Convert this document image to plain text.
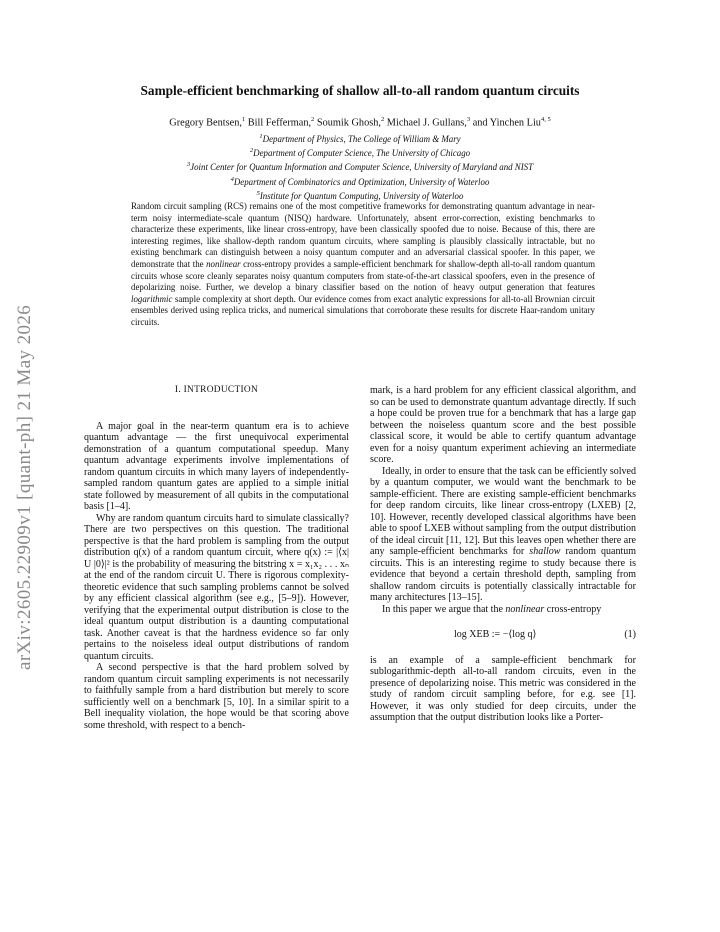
arXiv:2605.22909v1 [quant-ph] 21 May 2026
Sample-efficient benchmarking of shallow all-to-all random quantum circuits
Gregory Bentsen,$^1$ Bill Fefferman,$^2$ Soumik Ghosh,$^2$ Michael J. Gullans,$^3$ and Yinchen Liu$^{4, 5}$
$^1$Department of Physics, The College of William & Mary
$^2$Department of Computer Science, The University of Chicago
$^3$Joint Center for Quantum Information and Computer Science, University of Maryland and NIST
$^4$Department of Combinatorics and Optimization, University of Waterloo
$^5$Institute for Quantum Computing, University of Waterloo
Random circuit sampling (RCS) remains one of the most competitive frameworks for demonstrating quantum advantage in near-term noisy intermediate-scale quantum (NISQ) hardware. Unfortunately, absent error-correction, existing benchmarks to characterize these experiments, like linear cross-entropy, have been classically spoofed due to noise. Because of this, there are interesting regimes, like shallow-depth random quantum circuits, where sampling is plausibly classically intractable, but no existing benchmark can distinguish between a noisy quantum computer and an adversarial classical spoofer. In this paper, we demonstrate that the nonlinear cross-entropy provides a sample-efficient benchmark for shallow-depth all-to-all random quantum circuits whose score cleanly separates noisy quantum computers from state-of-the-art classical spoofers, even in the presence of depolarizing noise. Further, we develop a binary classifier based on the notion of heavy output generation that features logarithmic sample complexity at short depth. Our evidence comes from exact analytic expressions for all-to-all Brownian circuit ensembles derived using replica tricks, and numerical simulations that corroborate these results for discrete Haar-random unitary circuits.
I. INTRODUCTION

A major goal in the near-term quantum era is to achieve quantum advantage — the first unequivocal experimental demonstration of a quantum computational speedup. Many quantum advantage experiments involve implementations of random quantum circuits in which many layers of independently-sampled random quantum gates are applied to a simple initial state followed by measurement of all qubits in the computational basis [1–4].

Why are random quantum circuits hard to simulate classically? There are two perspectives on this question. The traditional perspective is that the hard problem is sampling from the output distribution q(x) of a random quantum circuit, where q(x) := |⟨x| U |0⟩|² is the probability of measuring the bitstring x = x₁x₂ . . . xₙ at the end of the random circuit U. There is rigorous complexity-theoretic evidence that such sampling problems cannot be solved by any efficient classical algorithm (see e.g., [5–9]). However, verifying that the experimental output distribution is close to the ideal quantum output distribution is a daunting computational task. Another caveat is that the hardness evidence so far only pertains to the noiseless ideal output distributions of random quantum circuits.

A second perspective is that the hard problem solved by random quantum circuit sampling experiments is not necessarily to faithfully sample from a hard distribution but merely to score sufficiently well on a benchmark [5, 10]. In a similar spirit to a Bell inequality violation, the hope would be that scoring above some threshold, with respect to a bench-

mark, is a hard problem for any efficient classical algorithm, and so can be used to demonstrate quantum advantage directly. If such a hope could be proven true for a benchmark that has a large gap between the noiseless quantum score and the best possible classical score, it would be able to certify quantum advantage even for a noisy quantum experiment achieving an intermediate score.

Ideally, in order to ensure that the task can be efficiently solved by a quantum computer, we would want the benchmark to be sample-efficient. There are existing sample-efficient benchmarks for deep random circuits, like linear cross-entropy (LXEB) [2, 10]. However, recently developed classical algorithms have been able to spoof LXEB without sampling from the output distribution of the ideal circuit [11, 12]. But this leaves open whether there are any sample-efficient benchmarks for shallow random quantum circuits. This is an interesting regime to study because there is evidence that beyond a certain threshold depth, sampling from shallow random circuits is potentially classically intractable for many architectures [13–15].

In this paper we argue that the nonlinear cross-entropy

log XEB := −⟨log q⟩	(1)

is an example of a sample-efficient benchmark for sublogarithmic-depth all-to-all random circuits, even in the presence of depolarizing noise. This metric was considered in the study of random circuit sampling before, for e.g. see [1]. However, it was only studied for deep circuits, under the assumption that the output distribution looks like a Porter-
